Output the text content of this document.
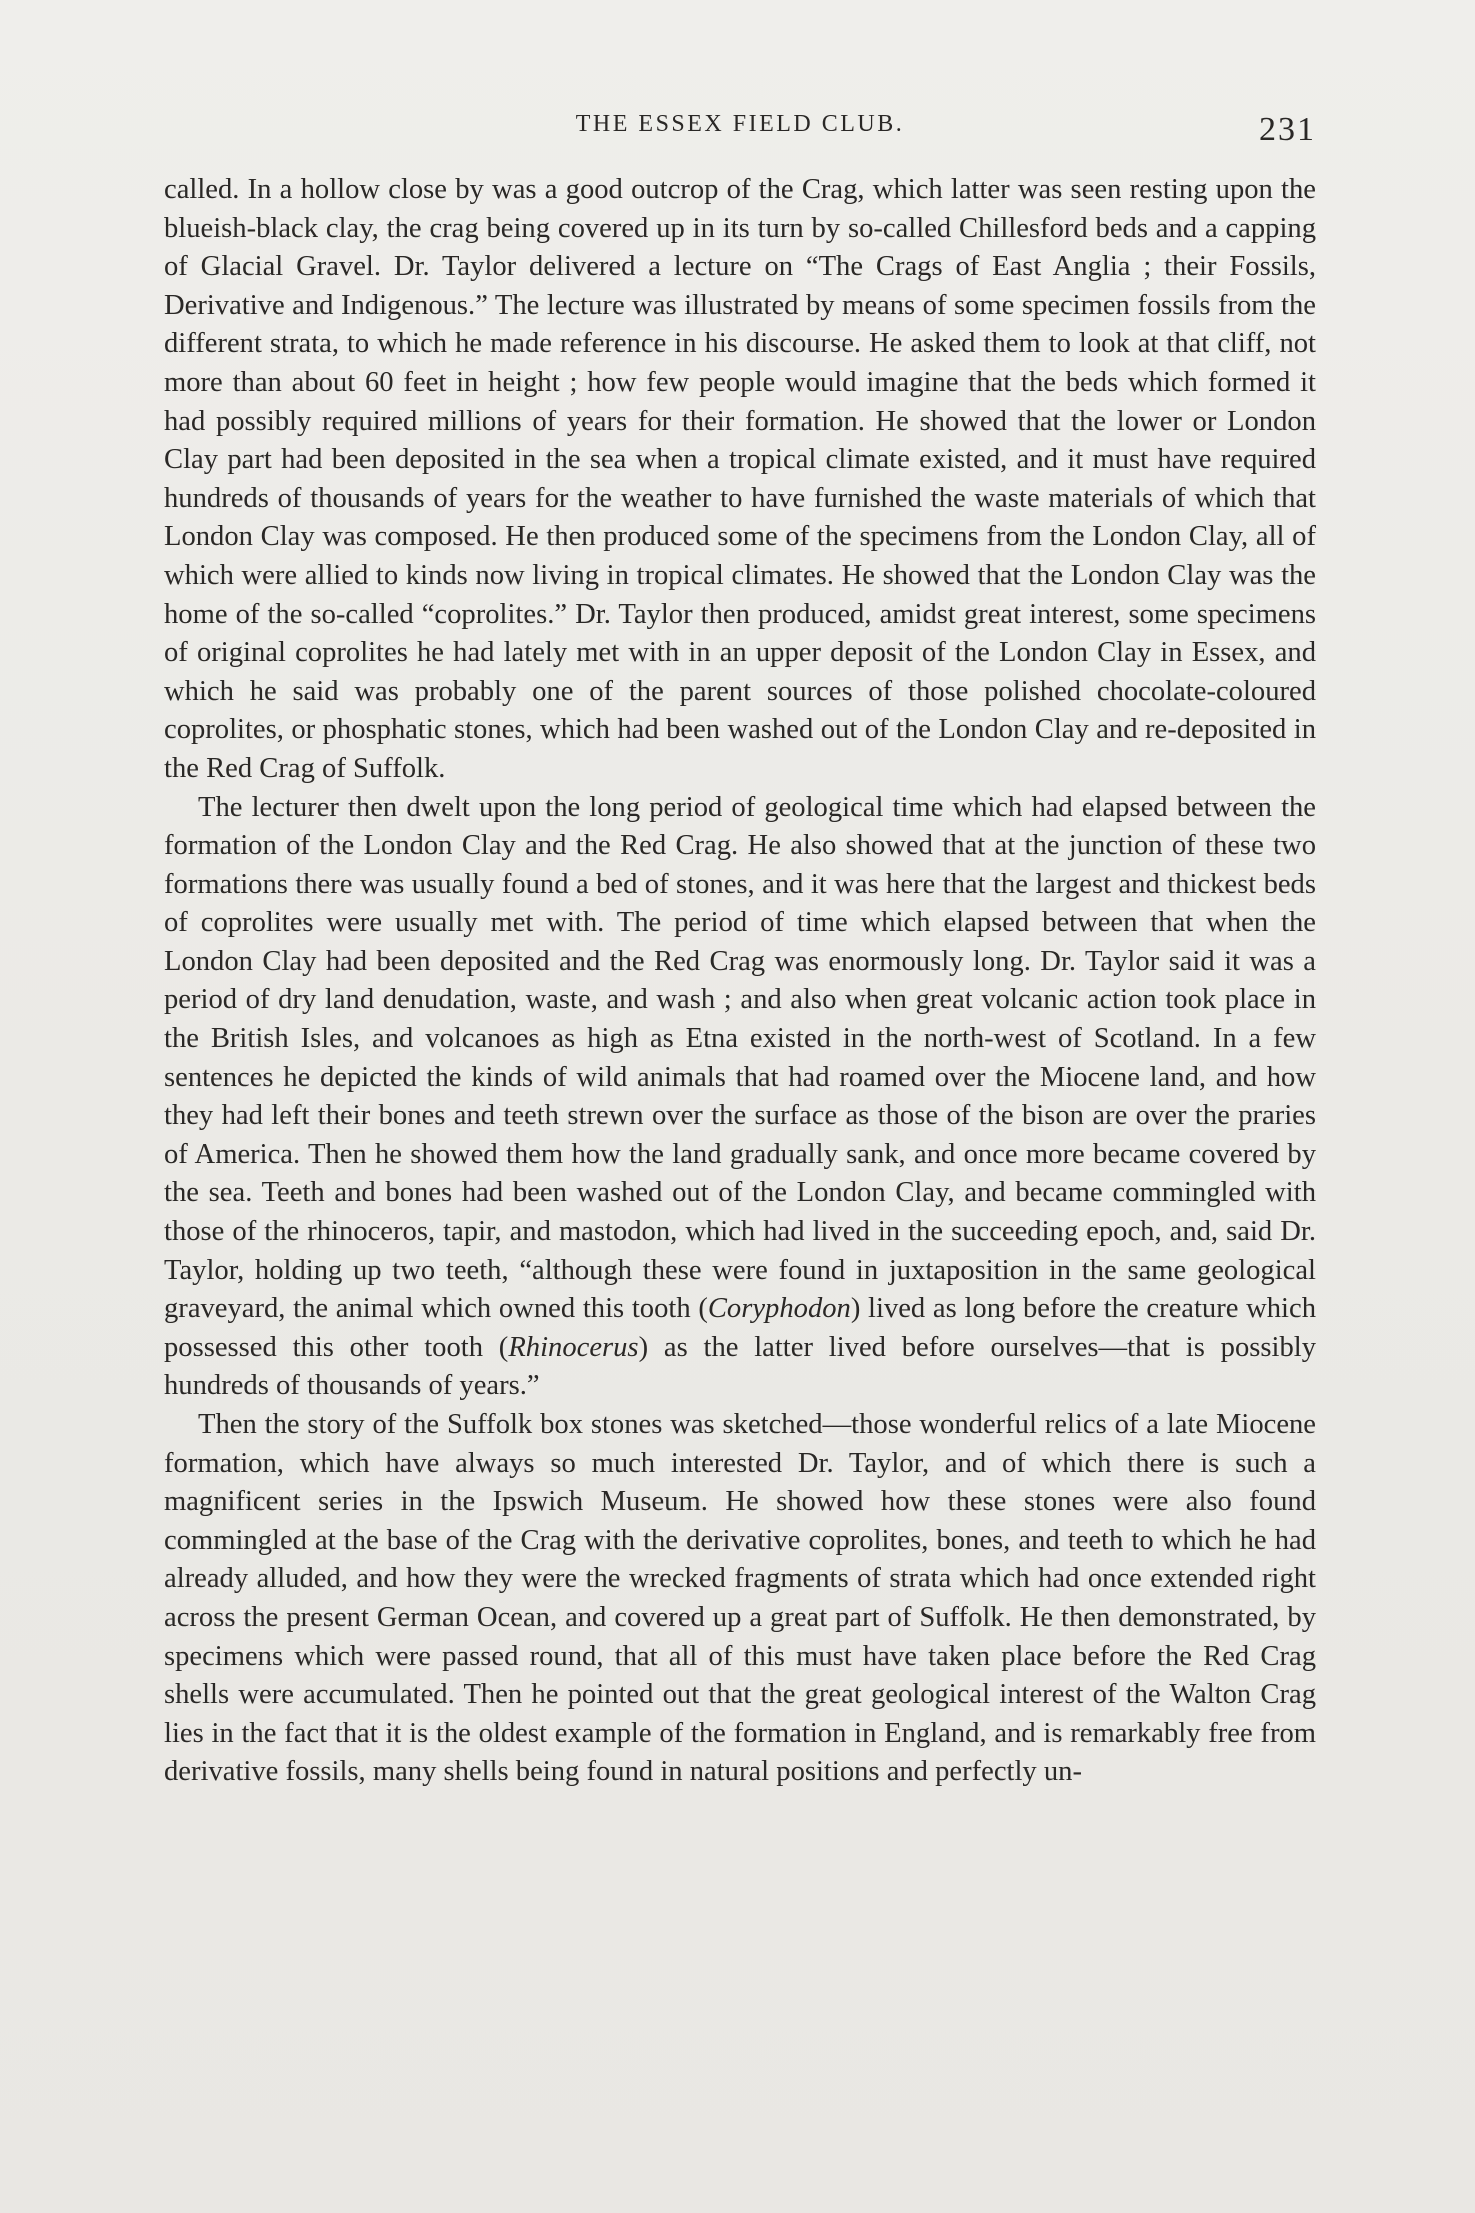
THE ESSEX FIELD CLUB.	231

called. In a hollow close by was a good outcrop of the Crag, which latter was seen resting upon the blueish-black clay, the crag being covered up in its turn by so-called Chillesford beds and a capping of Glacial Gravel. Dr. Taylor delivered a lecture on “The Crags of East Anglia ; their Fossils, Derivative and Indigenous.” The lecture was illustrated by means of some specimen fossils from the different strata, to which he made reference in his discourse. He asked them to look at that cliff, not more than about 60 feet in height ; how few people would imagine that the beds which formed it had possibly required millions of years for their formation. He showed that the lower or London Clay part had been deposited in the sea when a tropical climate existed, and it must have required hundreds of thousands of years for the weather to have furnished the waste materials of which that London Clay was composed. He then produced some of the specimens from the London Clay, all of which were allied to kinds now living in tropical climates. He showed that the London Clay was the home of the so-called “coprolites.” Dr. Taylor then produced, amidst great interest, some specimens of original coprolites he had lately met with in an upper deposit of the London Clay in Essex, and which he said was probably one of the parent sources of those polished chocolate-coloured coprolites, or phosphatic stones, which had been washed out of the London Clay and re-deposited in the Red Crag of Suffolk.

The lecturer then dwelt upon the long period of geological time which had elapsed between the formation of the London Clay and the Red Crag. He also showed that at the junction of these two formations there was usually found a bed of stones, and it was here that the largest and thickest beds of coprolites were usually met with. The period of time which elapsed between that when the London Clay had been deposited and the Red Crag was enormously long. Dr. Taylor said it was a period of dry land denudation, waste, and wash ; and also when great volcanic action took place in the British Isles, and volcanoes as high as Etna existed in the north-west of Scotland. In a few sentences he depicted the kinds of wild animals that had roamed over the Miocene land, and how they had left their bones and teeth strewn over the surface as those of the bison are over the praries of America. Then he showed them how the land gradually sank, and once more became covered by the sea. Teeth and bones had been washed out of the London Clay, and became commingled with those of the rhinoceros, tapir, and mastodon, which had lived in the succeeding epoch, and, said Dr. Taylor, holding up two teeth, “although these were found in juxtaposition in the same geological graveyard, the animal which owned this tooth (Coryphodon) lived as long before the creature which possessed this other tooth (Rhinocerus) as the latter lived before ourselves—that is possibly hundreds of thousands of years.”

Then the story of the Suffolk box stones was sketched—those wonderful relics of a late Miocene formation, which have always so much interested Dr. Taylor, and of which there is such a magnificent series in the Ipswich Museum. He showed how these stones were also found commingled at the base of the Crag with the derivative coprolites, bones, and teeth to which he had already alluded, and how they were the wrecked fragments of strata which had once extended right across the present German Ocean, and covered up a great part of Suffolk. He then demonstrated, by specimens which were passed round, that all of this must have taken place before the Red Crag shells were accumulated. Then he pointed out that the great geological interest of the Walton Crag lies in the fact that it is the oldest example of the formation in England, and is remarkably free from derivative fossils, many shells being found in natural positions and perfectly un-
